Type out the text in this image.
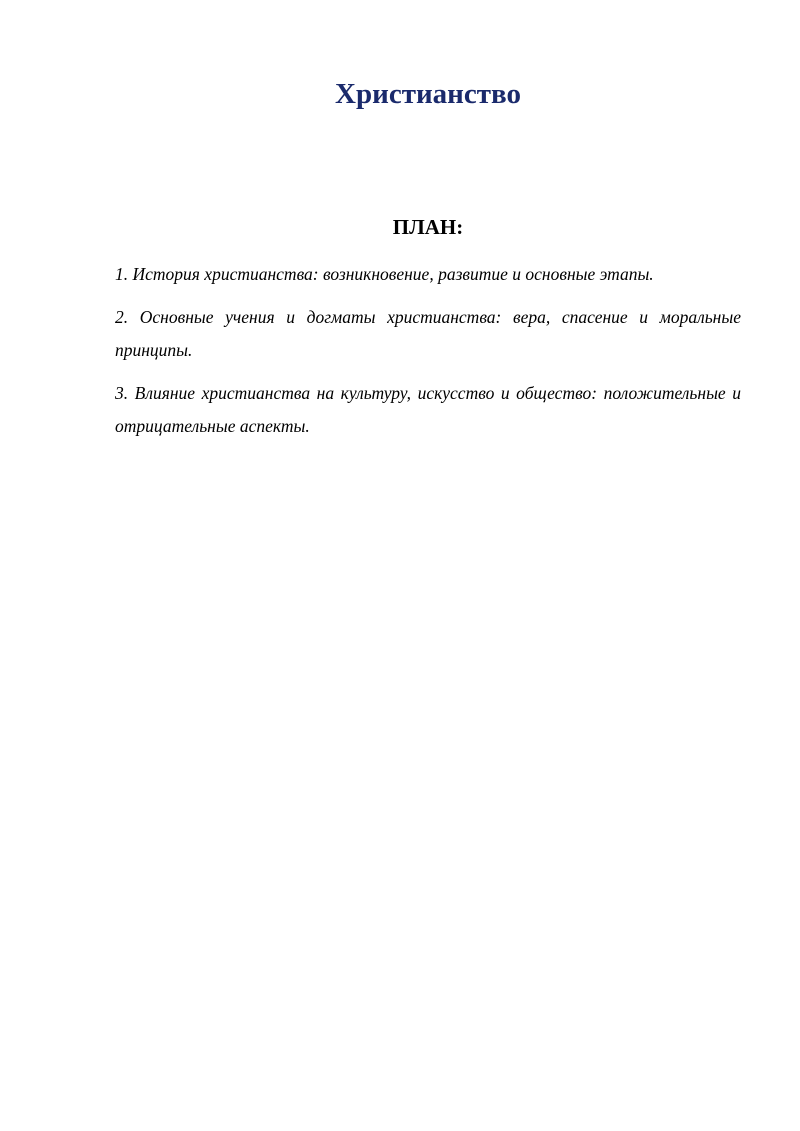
Христианство
ПЛАН:
1. История христианства: возникновение, развитие и основные этапы.
2. Основные учения и догматы христианства: вера, спасение и моральные принципы.
3. Влияние христианства на культуру, искусство и общество: положительные и отрицательные аспекты.
